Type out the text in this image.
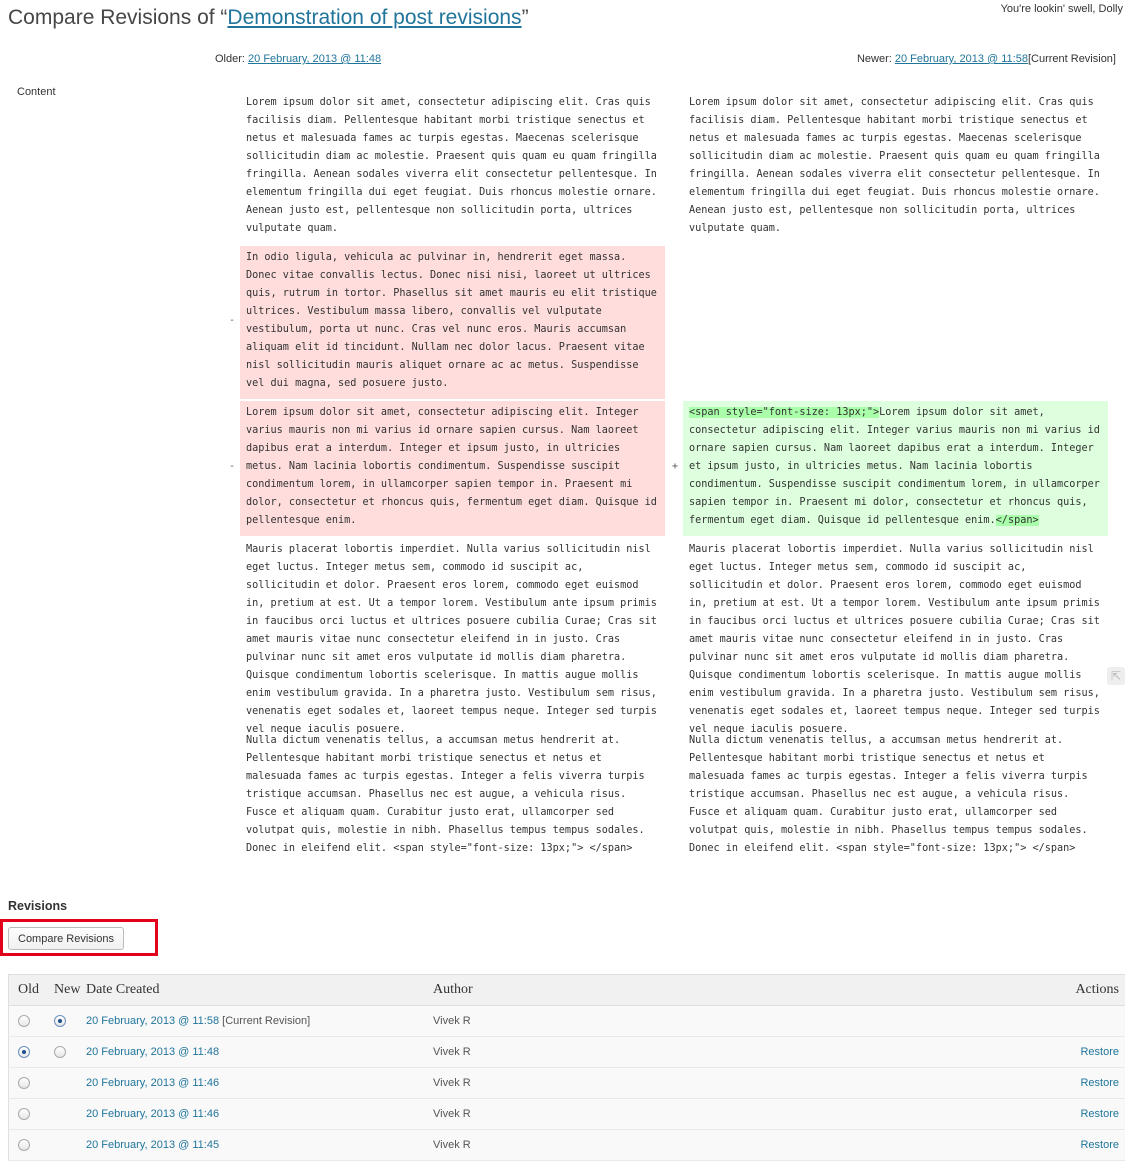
You're lookin' swell, Dolly
Compare Revisions of “Demonstration of post revisions”
Older: 20 February, 2013 @ 11:48	Newer: 20 February, 2013 @ 11:58[Current Revision]
Content
Lorem ipsum dolor sit amet, consectetur adipiscing elit. Cras quis facilisis diam. Pellentesque habitant morbi tristique senectus et netus et malesuada fames ac turpis egestas. Maecenas scelerisque sollicitudin diam ac molestie. Praesent quis quam eu quam fringilla fringilla. Aenean sodales viverra elit consectetur pellentesque. In elementum fringilla dui eget feugiat. Duis rhoncus molestie ornare. Aenean justo est, pellentesque non sollicitudin porta, ultrices vulputate quam.
Lorem ipsum dolor sit amet, consectetur adipiscing elit. Cras quis facilisis diam. Pellentesque habitant morbi tristique senectus et netus et malesuada fames ac turpis egestas. Maecenas scelerisque sollicitudin diam ac molestie. Praesent quis quam eu quam fringilla fringilla. Aenean sodales viverra elit consectetur pellentesque. In elementum fringilla dui eget feugiat. Duis rhoncus molestie ornare. Aenean justo est, pellentesque non sollicitudin porta, ultrices vulputate quam.
-
In odio ligula, vehicula ac pulvinar in, hendrerit eget massa. Donec vitae convallis lectus. Donec nisi nisi, laoreet ut ultrices quis, rutrum in tortor. Phasellus sit amet mauris eu elit tristique ultrices. Vestibulum massa libero, convallis vel vulputate vestibulum, porta ut nunc. Cras vel nunc eros. Mauris accumsan aliquam elit id tincidunt. Nullam nec dolor lacus. Praesent vitae nisl sollicitudin mauris aliquet ornare ac ac metus. Suspendisse vel dui magna, sed posuere justo.
-
Lorem ipsum dolor sit amet, consectetur adipiscing elit. Integer varius mauris non mi varius id ornare sapien cursus. Nam laoreet dapibus erat a interdum. Integer et ipsum justo, in ultricies metus. Nam lacinia lobortis condimentum. Suspendisse suscipit condimentum lorem, in ullamcorper sapien tempor in. Praesent mi dolor, consectetur et rhoncus quis, fermentum eget diam. Quisque id pellentesque enim.
+
<span style="font-size: 13px;">Lorem ipsum dolor sit amet, consectetur adipiscing elit. Integer varius mauris non mi varius id ornare sapien cursus. Nam laoreet dapibus erat a interdum. Integer et ipsum justo, in ultricies metus. Nam lacinia lobortis condimentum. Suspendisse suscipit condimentum lorem, in ullamcorper sapien tempor in. Praesent mi dolor, consectetur et rhoncus quis, fermentum eget diam. Quisque id pellentesque enim.</span>
Mauris placerat lobortis imperdiet. Nulla varius sollicitudin nisl eget luctus. Integer metus sem, commodo id suscipit ac, sollicitudin et dolor. Praesent eros lorem, commodo eget euismod in, pretium at est. Ut a tempor lorem. Vestibulum ante ipsum primis in faucibus orci luctus et ultrices posuere cubilia Curae; Cras sit amet mauris vitae nunc consectetur eleifend in in justo. Cras pulvinar nunc sit amet eros vulputate id mollis diam pharetra. Quisque condimentum lobortis scelerisque. In mattis augue mollis enim vestibulum gravida. In a pharetra justo. Vestibulum sem risus, venenatis eget sodales et, laoreet tempus neque. Integer sed turpis vel neque iaculis posuere.
Mauris placerat lobortis imperdiet. Nulla varius sollicitudin nisl eget luctus. Integer metus sem, commodo id suscipit ac, sollicitudin et dolor. Praesent eros lorem, commodo eget euismod in, pretium at est. Ut a tempor lorem. Vestibulum ante ipsum primis in faucibus orci luctus et ultrices posuere cubilia Curae; Cras sit amet mauris vitae nunc consectetur eleifend in in justo. Cras pulvinar nunc sit amet eros vulputate id mollis diam pharetra. Quisque condimentum lobortis scelerisque. In mattis augue mollis enim vestibulum gravida. In a pharetra justo. Vestibulum sem risus, venenatis eget sodales et, laoreet tempus neque. Integer sed turpis vel neque iaculis posuere.
Nulla dictum venenatis tellus, a accumsan metus hendrerit at. Pellentesque habitant morbi tristique senectus et netus et malesuada fames ac turpis egestas. Integer a felis viverra turpis tristique accumsan. Phasellus nec est augue, a vehicula risus. Fusce et aliquam quam. Curabitur justo erat, ullamcorper sed volutpat quis, molestie in nibh. Phasellus tempus tempus sodales. Donec in eleifend elit. <span style="font-size: 13px;"> </span>
Nulla dictum venenatis tellus, a accumsan metus hendrerit at. Pellentesque habitant morbi tristique senectus et netus et malesuada fames ac turpis egestas. Integer a felis viverra turpis tristique accumsan. Phasellus nec est augue, a vehicula risus. Fusce et aliquam quam. Curabitur justo erat, ullamcorper sed volutpat quis, molestie in nibh. Phasellus tempus tempus sodales. Donec in eleifend elit. <span style="font-size: 13px;"> </span>
⇱
Revisions
Compare Revisions
Old	New	Date Created	Author	Actions
		20 February, 2013 @ 11:58 [Current Revision]	Vivek R	
		20 February, 2013 @ 11:48	Vivek R	Restore
		20 February, 2013 @ 11:46	Vivek R	Restore
		20 February, 2013 @ 11:46	Vivek R	Restore
		20 February, 2013 @ 11:45	Vivek R	Restore
